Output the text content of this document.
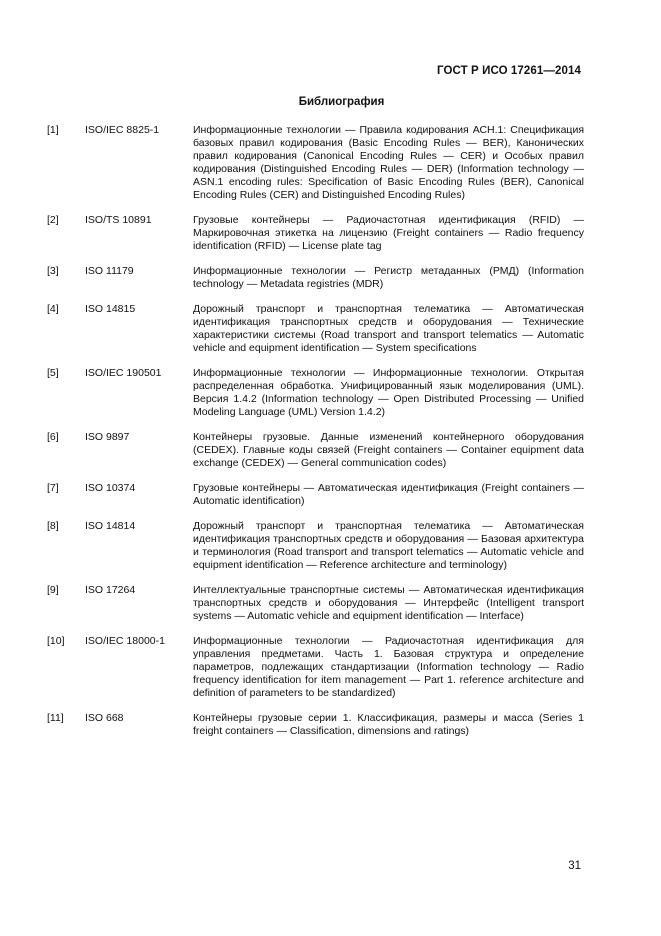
ГОСТ Р ИСО 17261—2014
Библиография
[1]	ISO/IEC 8825-1	Информационные технологии — Правила кодирования АСН.1: Спецификация базовых правил кодирования (Basic Encoding Rules — BER), Канонических правил кодирования (Canonical Encoding Rules — CER) и Особых правил кодирования (Distinguished Encoding Rules — DER) (Information technology — ASN.1 encoding rules: Specification of Basic Encoding Rules (BER), Canonical Encoding Rules (CER) and Distinguished Encoding Rules)
[2]	ISO/TS 10891	Грузовые контейнеры — Радиочастотная идентификация (RFID) — Маркировочная этикетка на лицензию (Freight containers — Radio frequency identification (RFID) — License plate tag
[3]	ISO 11179	Информационные технологии — Регистр метаданных (РМД) (Information technology — Metadata registries (MDR)
[4]	ISO 14815	Дорожный транспорт и транспортная телематика — Автоматическая идентификация транспортных средств и оборудования — Технические характеристики системы (Road transport and transport telematics — Automatic vehicle and equipment identification — System specifications
[5]	ISO/IEC 190501	Информационные технологии — Информационные технологии. Открытая распределенная обработка. Унифицированный язык моделирования (UML). Версия 1.4.2 (Information technology — Open Distributed Processing — Unified Modeling Language (UML) Version 1.4.2)
[6]	ISO 9897	Контейнеры грузовые. Данные изменений контейнерного оборудования (CEDEX). Главные коды связей (Freight containers — Container equipment data exchange (CEDEX) — General communication codes)
[7]	ISO 10374	Грузовые контейнеры — Автоматическая идентификация (Freight containers — Automatic identification)
[8]	ISO 14814	Дорожный транспорт и транспортная телематика — Автоматическая идентификация транспортных средств и оборудования — Базовая архитектура и терминология (Road transport and transport telematics — Automatic vehicle and equipment identification — Reference architecture and terminology)
[9]	ISO 17264	Интеллектуальные транспортные системы — Автоматическая идентификация транспортных средств и оборудования — Интерфейс (Intelligent transport systems — Automatic vehicle and equipment identification — Interface)
[10]	ISO/IEC 18000-1	Информационные технологии — Радиочастотная идентификация для управления предметами. Часть 1. Базовая структура и определение параметров, подлежащих стандартизации (Information technology — Radio frequency identification for item management — Part 1. reference architecture and definition of parameters to be standardized)
[11]	ISO 668	Контейнеры грузовые серии 1. Классификация, размеры и масса (Series 1 freight containers — Classification, dimensions and ratings)
31
